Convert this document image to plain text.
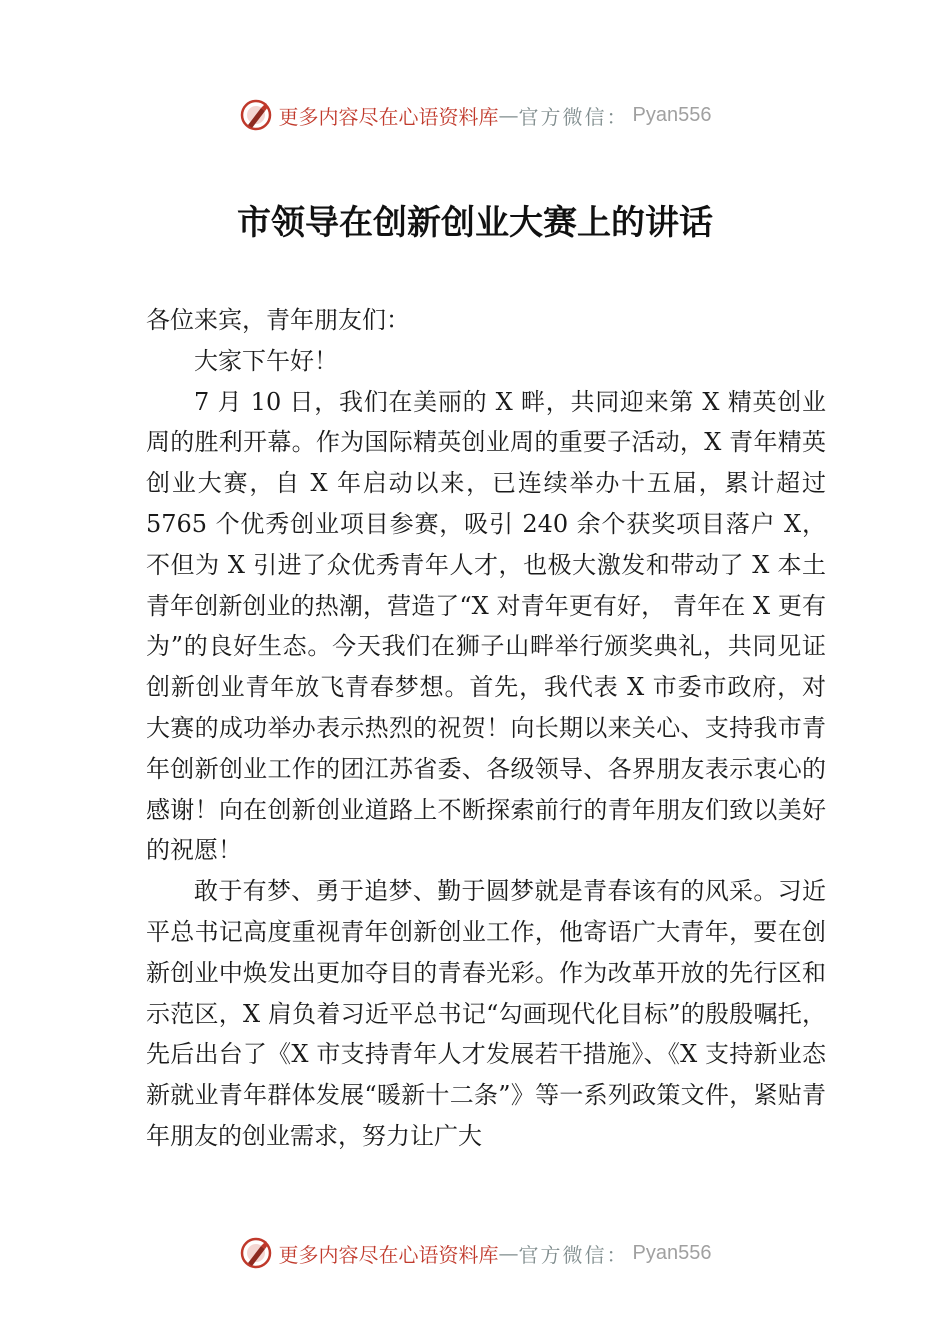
更多内容尽在心语资料库 — 官方微信： Pyan556
市领导在创新创业大赛上的讲话

各位来宾，青年朋友们：

大家下午好！

7 月 10 日，我们在美丽的 X 畔，共同迎来第 X 精英创业周的胜利开幕。作为国际精英创业周的重要子活动，X 青年精英创业大赛，自 X 年启动以来，已连续举办十五届，累计超过 5765 个优秀创业项目参赛，吸引 240 余个获奖项目落户 X，不但为 X 引进了众优秀青年人才，也极大激发和带动了 X 本土青年创新创业的热潮，营造了“X 对青年更有好， 青年在 X 更有为”的良好生态。今天我们在狮子山畔举行颁奖典礼，共同见证创新创业青年放飞青春梦想。首先，我代表 X 市委市政府，对大赛的成功举办表示热烈的祝贺！向长期以来关心、支持我市青年创新创业工作的团江苏省委、各级领导、各界朋友表示衷心的感谢！向在创新创业道路上不断探索前行的青年朋友们致以美好的祝愿！

敢于有梦、勇于追梦、勤于圆梦就是青春该有的风采。习近平总书记高度重视青年创新创业工作，他寄语广大青年，要在创新创业中焕发出更加夺目的青春光彩。作为改革开放的先行区和示范区，X 肩负着习近平总书记“勾画现代化目标”的殷殷嘱托，先后出台了《X 市支持青年人才发展若干措施》、《X 支持新业态新就业青年群体发展“暖新十二条”》等一系列政策文件，紧贴青年朋友的创业需求，努力让广大

更多内容尽在心语资料库 — 官方微信： Pyan556
